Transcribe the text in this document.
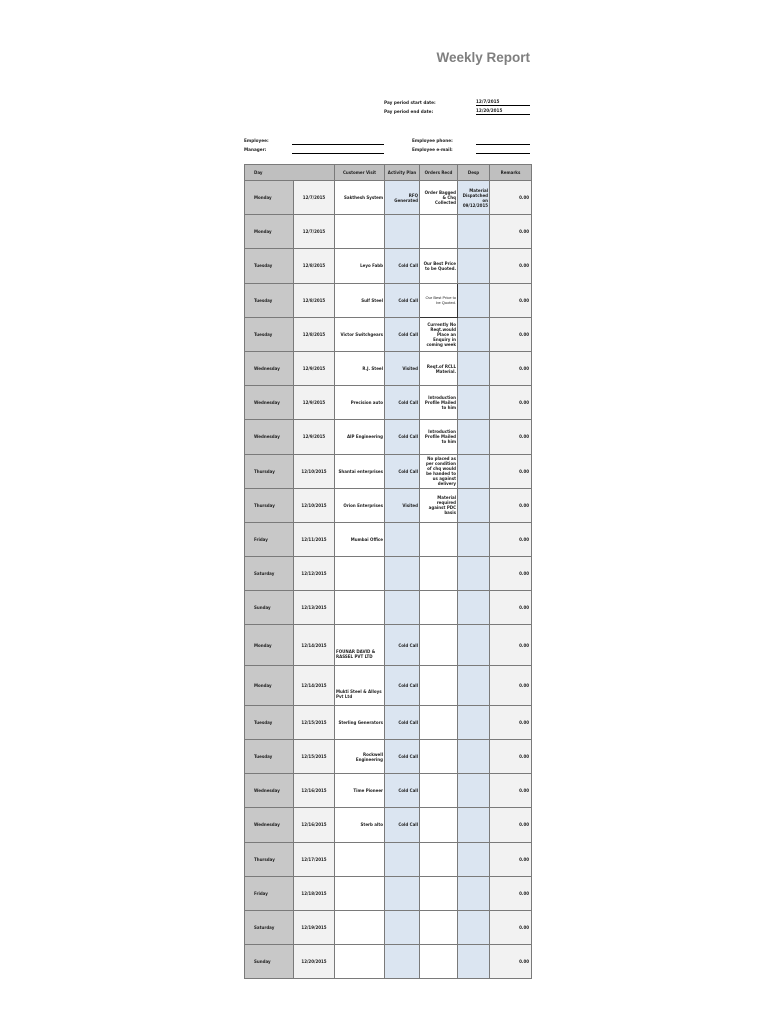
Weekly Report
Pay period start date:	12/7/2015
Pay period end date:	12/20/2015
Employee:
Manager:
Employee phone:
Employee e-mail:
Day		Customer Visit	Activity Plan	Orders Recd	Desp	Remarks
Monday	12/7/2015	Sakthesh System	RFQ Generated	Order Bagged & Chq Collected	Material Dispatched on 09/12/2015	0.00
Monday	12/7/2015					0.00
Tuesday	12/8/2015	Leyo Fabb	Cold Call	Our Best Price to be Quoted.		0.00
Tuesday	12/8/2015	Sulf Steel	Cold Call	Our Best Price to be Quoted.		0.00
Tuesday	12/8/2015	Victor Switchgears	Cold Call	Currently No Reqt.would Place an Enquiry in coming week		0.00
Wednesday	12/9/2015	R.J. Steel	Visited	Reqt.of RCLL Material.		0.00
Wednesday	12/9/2015	Precision auto	Cold Call	Introduction Profile Mailed to him		0.00
Wednesday	12/9/2015	AIP Engineering	Cold Call	Introduction Profile Mailed to him		0.00
Thursday	12/10/2015	Shantai enterprises	Cold Call	No placed as per condition of chq would be handed to us against delivery		0.00
Thursday	12/10/2015	Orion Enterprises	Visited	Material required against PDC basis		0.00
Friday	12/11/2015	Mumbai Office				0.00
Saturday	12/12/2015					0.00
Sunday	12/13/2015					0.00
Monday	12/14/2015	FOUNAR DAVID & RASSEL PVT LTD	Cold Call			0.00
Monday	12/14/2015	Mukti Steel & Alloys Pvt Ltd	Cold Call			0.00
Tuesday	12/15/2015	Sterling Generators	Cold Call			0.00
Tuesday	12/15/2015	Rockwell Engineering	Cold Call			0.00
Wednesday	12/16/2015	Time Pioneer	Cold Call			0.00
Wednesday	12/16/2015	Sterb alto	Cold Call			0.00
Thursday	12/17/2015					0.00
Friday	12/18/2015					0.00
Saturday	12/19/2015					0.00
Sunday	12/20/2015					0.00
